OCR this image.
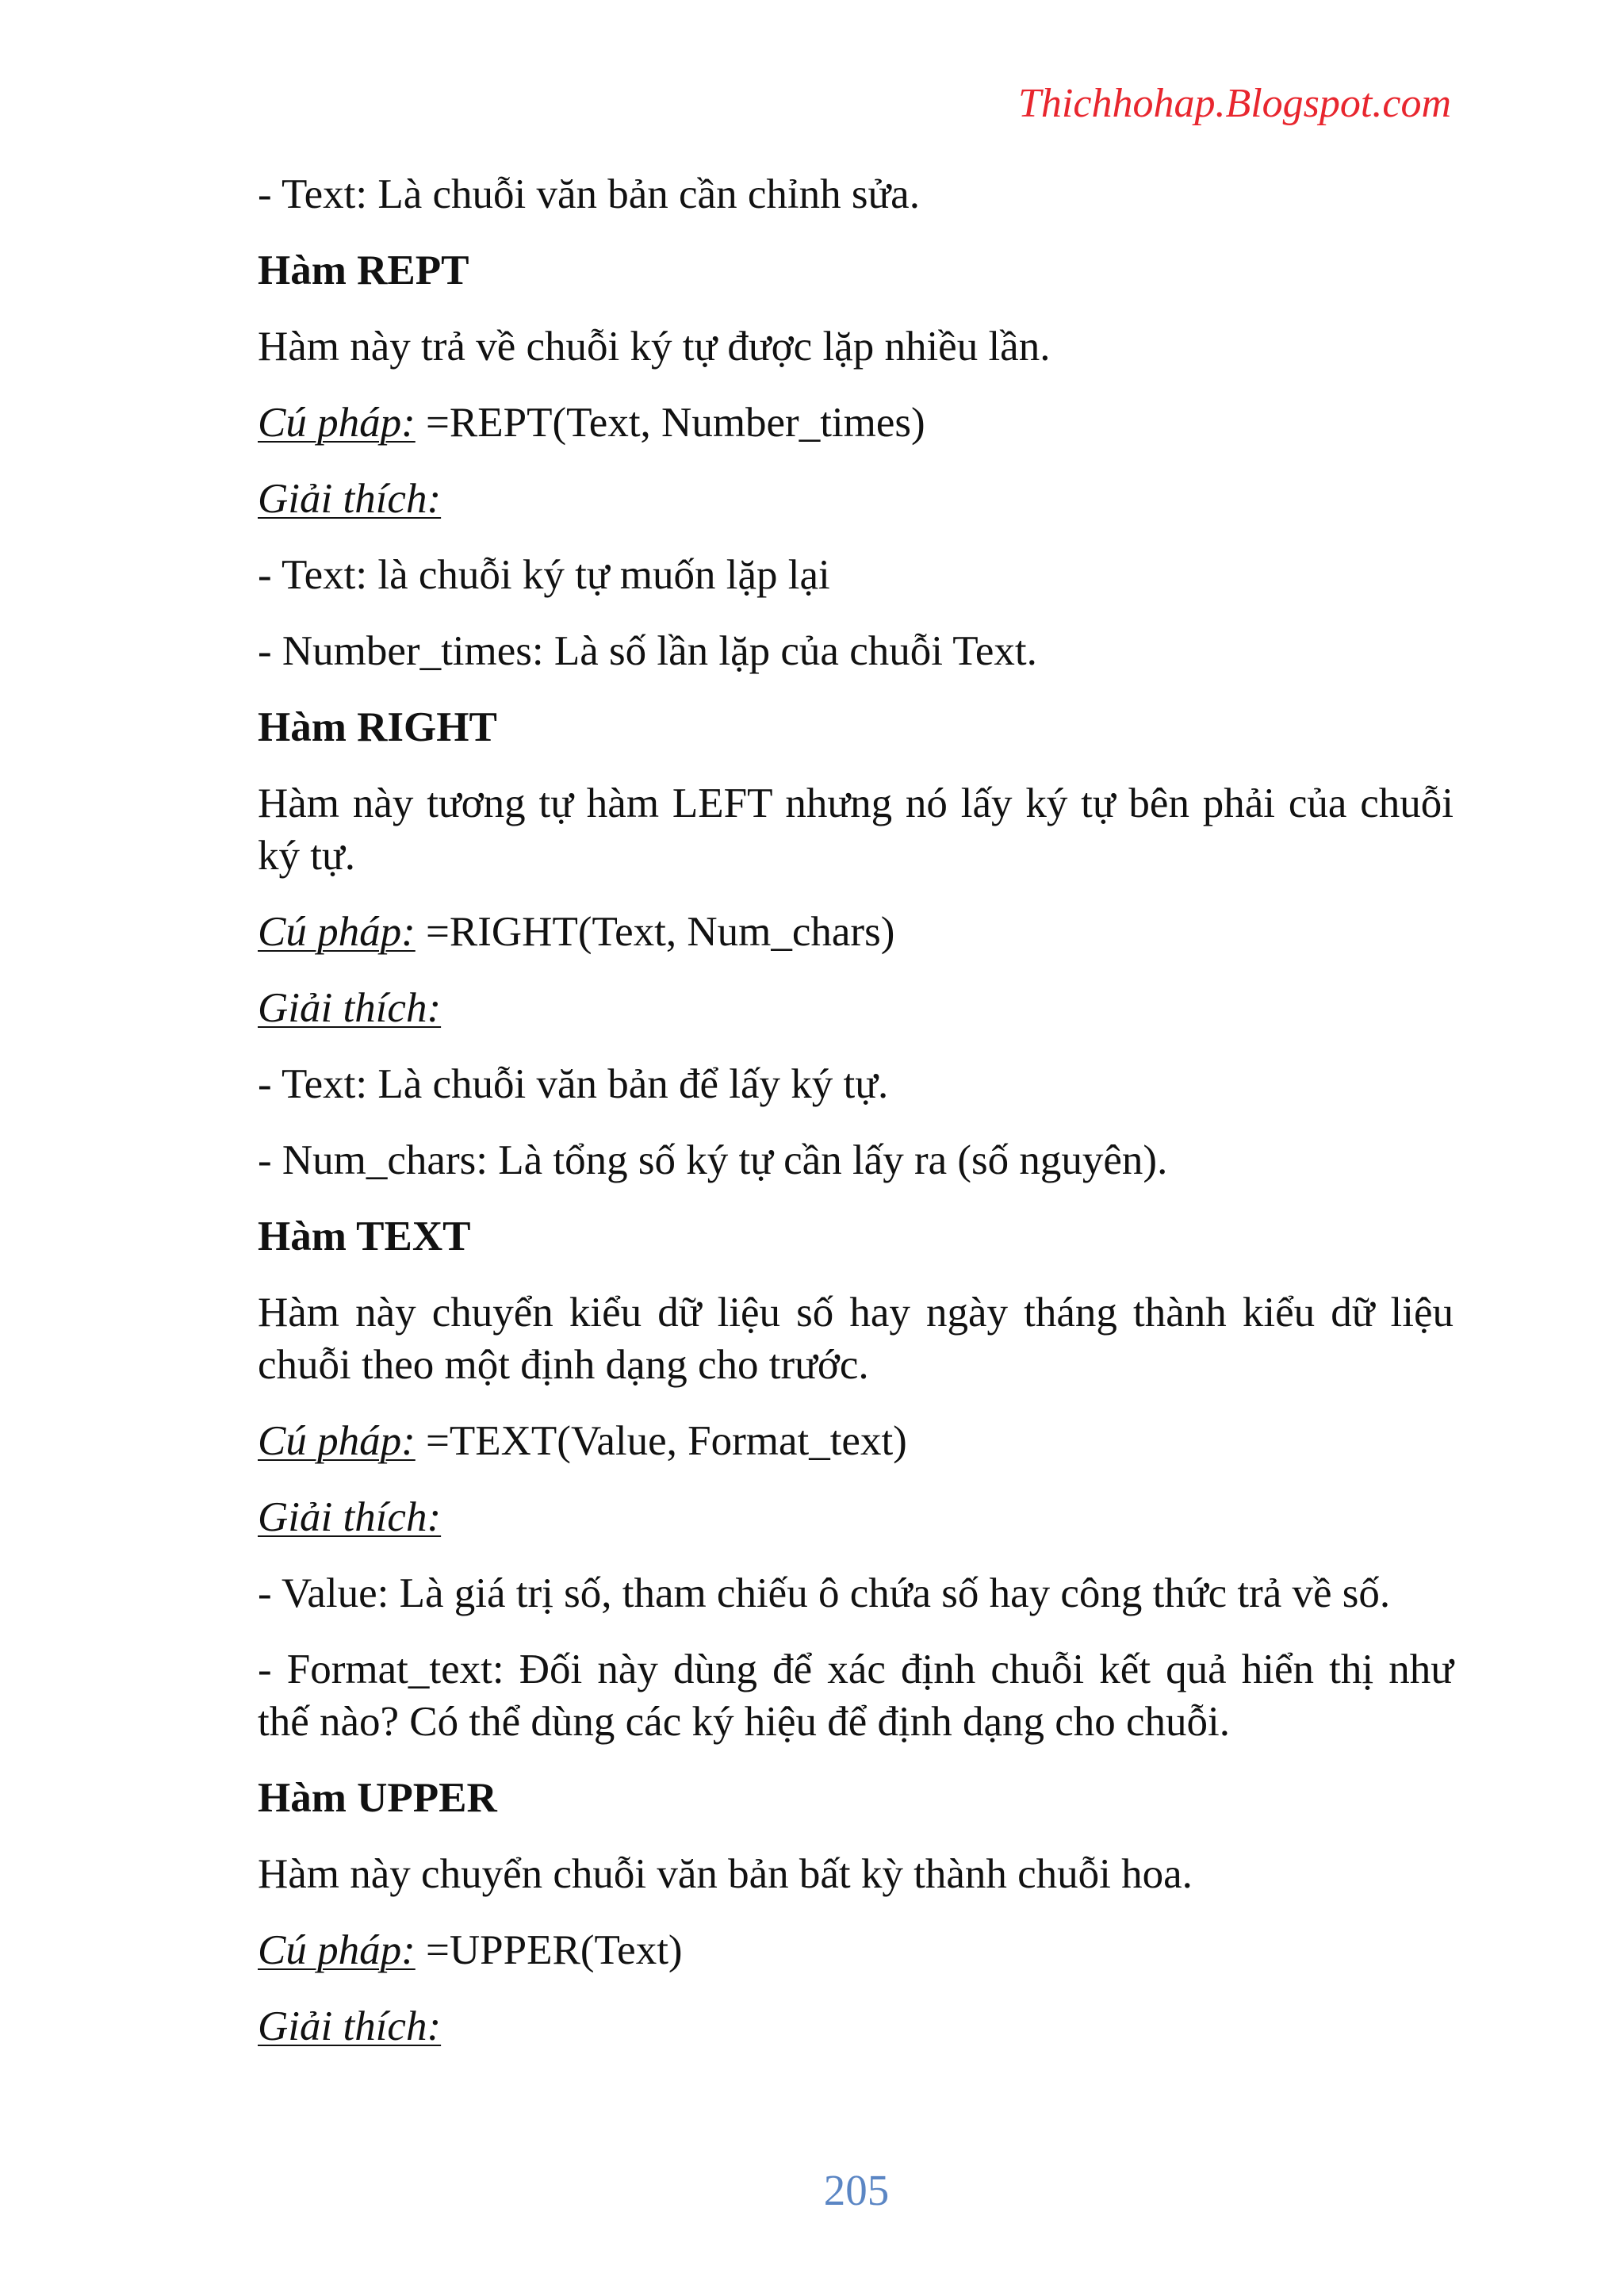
Thichhohap.Blogspot.com

- Text: Là chuỗi văn bản cần chỉnh sửa.

Hàm REPT

Hàm này trả về chuỗi ký tự được lặp nhiều lần.

Cú pháp: =REPT(Text, Number_times)

Giải thích:

- Text: là chuỗi ký tự muốn lặp lại

- Number_times: Là số lần lặp của chuỗi Text.

Hàm RIGHT

Hàm này tương tự hàm LEFT nhưng nó lấy ký tự bên phải của chuỗi ký tự.

Cú pháp: =RIGHT(Text, Num_chars)

Giải thích:

- Text: Là chuỗi văn bản để lấy ký tự.

- Num_chars: Là tổng số ký tự cần lấy ra (số nguyên).

Hàm TEXT

Hàm này chuyển kiểu dữ liệu số hay ngày tháng thành kiểu dữ liệu chuỗi theo một định dạng cho trước.

Cú pháp: =TEXT(Value, Format_text)

Giải thích:

- Value: Là giá trị số, tham chiếu ô chứa số hay công thức trả về số.

- Format_text: Đối này dùng để xác định chuỗi kết quả hiển thị như thế nào? Có thể dùng các ký hiệu để định dạng cho chuỗi.

Hàm UPPER

Hàm này chuyển chuỗi văn bản bất kỳ thành chuỗi hoa.

Cú pháp: =UPPER(Text)

Giải thích:

205
